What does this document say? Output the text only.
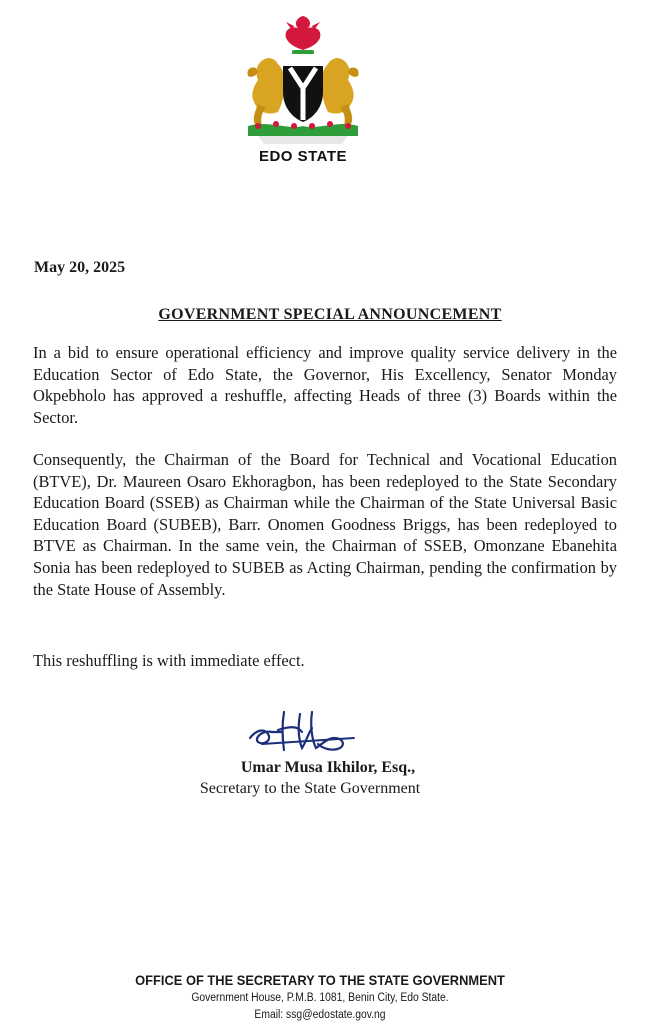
EDO STATE
May 20, 2025
GOVERNMENT SPECIAL ANNOUNCEMENT

In a bid to ensure operational efficiency and improve quality service delivery in the Education Sector of Edo State, the Governor, His Excellency, Senator Monday Okpebholo has approved a reshuffle, affecting Heads of three (3) Boards within the Sector.

Consequently, the Chairman of the Board for Technical and Vocational Education (BTVE), Dr. Maureen Osaro Ekhoragbon, has been redeployed to the State Secondary Education Board (SSEB) as Chairman while the Chairman of the State Universal Basic Education Board (SUBEB), Barr. Onomen Goodness Briggs, has been redeployed to BTVE as Chairman. In the same vein, the Chairman of SSEB, Omonzane Ebanehita Sonia has been redeployed to SUBEB as Acting Chairman, pending the confirmation by the State House of Assembly.

This reshuffling is with immediate effect.

Umar Musa Ikhilor, Esq.,
Secretary to the State Government
OFFICE OF THE SECRETARY TO THE STATE GOVERNMENT
Government House, P.M.B. 1081, Benin City, Edo State.
Email: ssg@edostate.gov.ng
